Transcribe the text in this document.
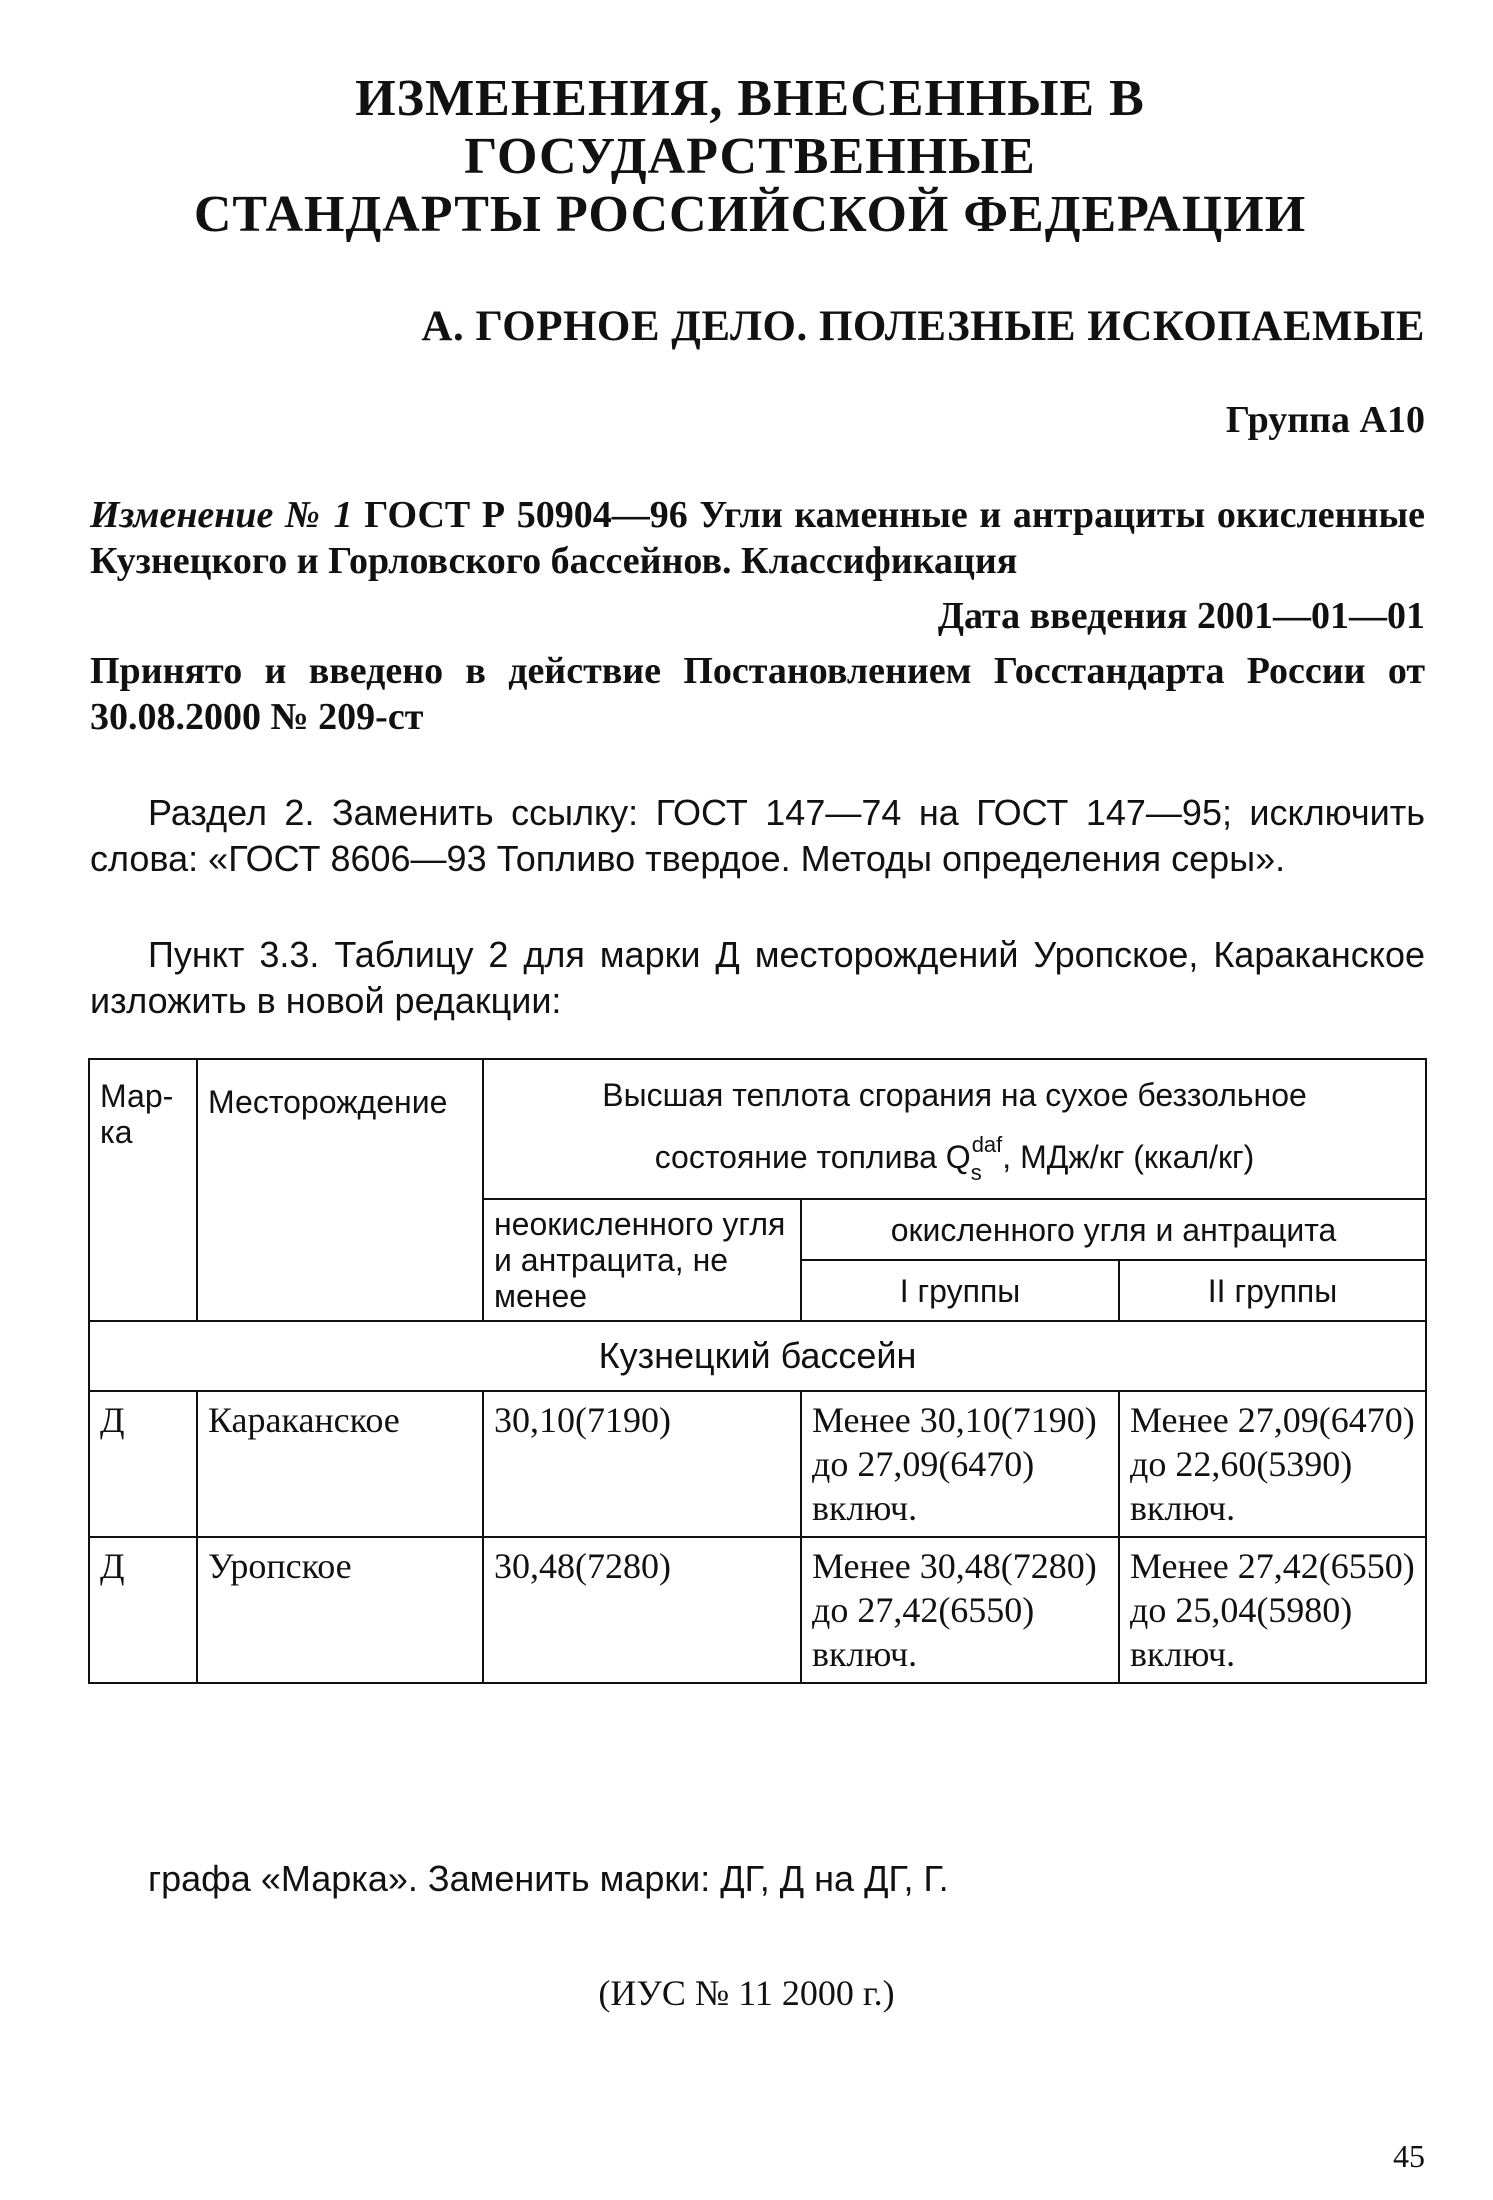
ИЗМЕНЕНИЯ, ВНЕСЕННЫЕ В ГОСУДАРСТВЕННЫЕ
СТАНДАРТЫ РОССИЙСКОЙ ФЕДЕРАЦИИ
А. ГОРНОЕ ДЕЛО. ПОЛЕЗНЫЕ ИСКОПАЕМЫЕ
Группа А10
Изменение № 1 ГОСТ Р 50904—96 Угли каменные и антрациты окисленные Кузнецкого и Горловского бассейнов. Классификация
Дата введения 2001—01—01
Принято и введено в действие Постановлением Госстандарта России от 30.08.2000 № 209-ст
Раздел 2. Заменить ссылку: ГОСТ 147—74 на ГОСТ 147—95; исключить слова: «ГОСТ 8606—93 Топливо твердое. Методы определения серы».
Пункт 3.3. Таблицу 2 для марки Д месторождений Уропское, Караканское изложить в новой редакции:
Мар-ка	Месторождение	Высшая теплота сгорания на сухое беззольное
состояние топлива $Q_s^{daf}$, МДж/кг (ккал/кг)		

		неокисленного угля и антрацита, не менее	окисленного угля и антрацита	
			I группы	II группы
Кузнецкий бассейн				
Д	Караканское	30,10(7190)	Менее 30,10(7190) до 27,09(6470) включ.	Менее 27,09(6470) до 22,60(5390) включ.
Д	Уропское	30,48(7280)	Менее 30,48(7280) до 27,42(6550) включ.	Менее 27,42(6550) до 25,04(5980) включ.
графа «Марка». Заменить марки: ДГ, Д на ДГ, Г.
(ИУС № 11 2000 г.)
45
